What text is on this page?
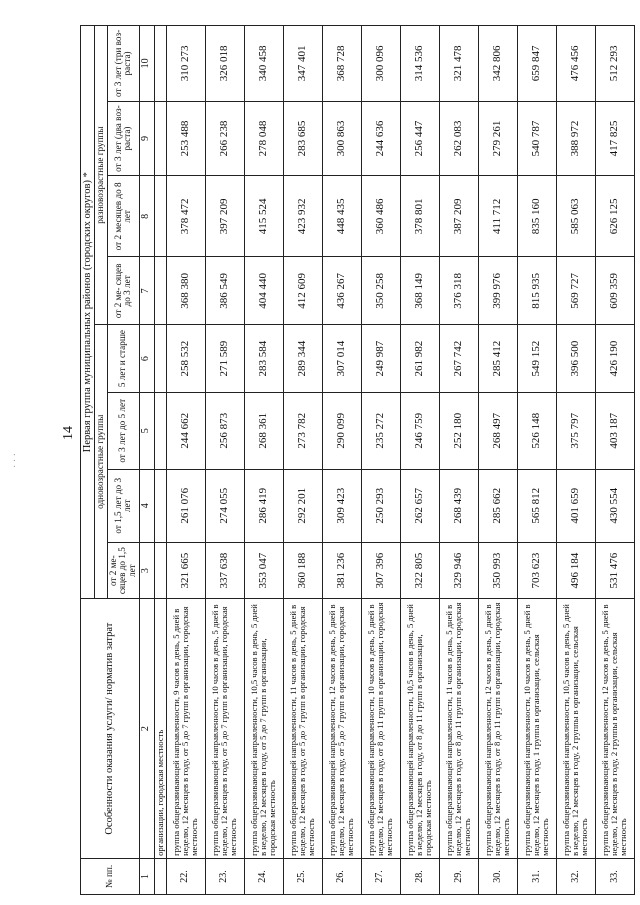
14
· · ·
№ пп.	Особенности оказания услуги/ норматив затрат	Первая группа муниципальных районов (городских округов) *							
		одновозрастные группы				разновозрастные группы			
		от 2 ме- сяцев до 1,5 лет	от 1,5 лет до 3 лет	от 3 лет до 5 лет	5 лет и старше	от 2 ме- сяцев до 3 лет	от 2 месяцев до 8 лет	от 3 лет (два воз- раста)	от 3 лет (три воз- раста)
1	2	3	4	5	6	7	8	9	10
	организации, городская местность								
22.	группа общеразвивающей направленности, 9 часов в день, 5 дней в неделю, 12 месяцев в году, от 5 до 7 групп в организации, городская местность	321 665	261 076	244 662	258 532	368 380	378 472	253 488	310 273
23.	группа общеразвивающей направленности, 10 часов в день, 5 дней в неделю, 12 месяцев в году, от 5 до 7 групп в организации, городская местность	337 638	274 055	256 873	271 589	386 549	397 209	266 238	326 018
24.	группа общеразвивающей направленности, 10,5 часов в день, 5 дней в неделю, 12 месяцев в году, от 5 до 7 групп в организации, городская местность	353 047	286 419	268 361	283 584	404 440	415 524	278 048	340 458
25.	группа общеразвивающей направленности, 11 часов в день, 5 дней в неделю, 12 месяцев в году, от 5 до 7 групп в организации, городская местность	360 188	292 201	273 782	289 344	412 609	423 932	283 685	347 401
26.	группа общеразвивающей направленности, 12 часов в день, 5 дней в неделю, 12 месяцев в году, от 5 до 7 групп в организации, городская местность	381 236	309 423	290 099	307 014	436 267	448 435	300 863	368 728
27.	группа общеразвивающей направленности, 10 часов в день, 5 дней в неделю, 12 месяцев в году, от 8 до 11 групп в организации, городская местность	307 396	250 293	235 272	249 987	350 258	360 486	244 636	300 096
28.	группа общеразвивающей направленности, 10,5 часов в день, 5 дней в неделю, 12 месяцев в году, от 8 до 11 групп в организации, городская местность	322 805	262 657	246 759	261 982	368 149	378 801	256 447	314 536
29.	группа общеразвивающей направленности, 11 часов в день, 5 дней в неделю, 12 месяцев в году, от 8 до 11 групп в организации, городская местность	329 946	268 439	252 180	267 742	376 318	387 209	262 083	321 478
30.	группа общеразвивающей направленности, 12 часов в день, 5 дней в неделю, 12 месяцев в году, от 8 до 11 групп в организации, городская местность	350 993	285 662	268 497	285 412	399 976	411 712	279 261	342 806
31.	группа общеразвивающей направленности, 10 часов в день, 5 дней в неделю, 12 месяцев в году, 1 группа в организации, сельская местность	703 623	565 812	526 148	549 152	815 935	835 160	540 787	659 847
32.	группа общеразвивающей направленности, 10,5 часов в день, 5 дней в неделю, 12 месяцев в году, 2 группы в организации, сельская местность	496 184	401 659	375 797	396 500	569 727	585 063	388 972	476 456
33.	группа общеразвивающей направленности, 12 часов в день, 5 дней в неделю, 12 месяцев в году, 2 группы в организации, сельская местность	531 476	430 554	403 187	426 190	609 359	626 125	417 825	512 293
